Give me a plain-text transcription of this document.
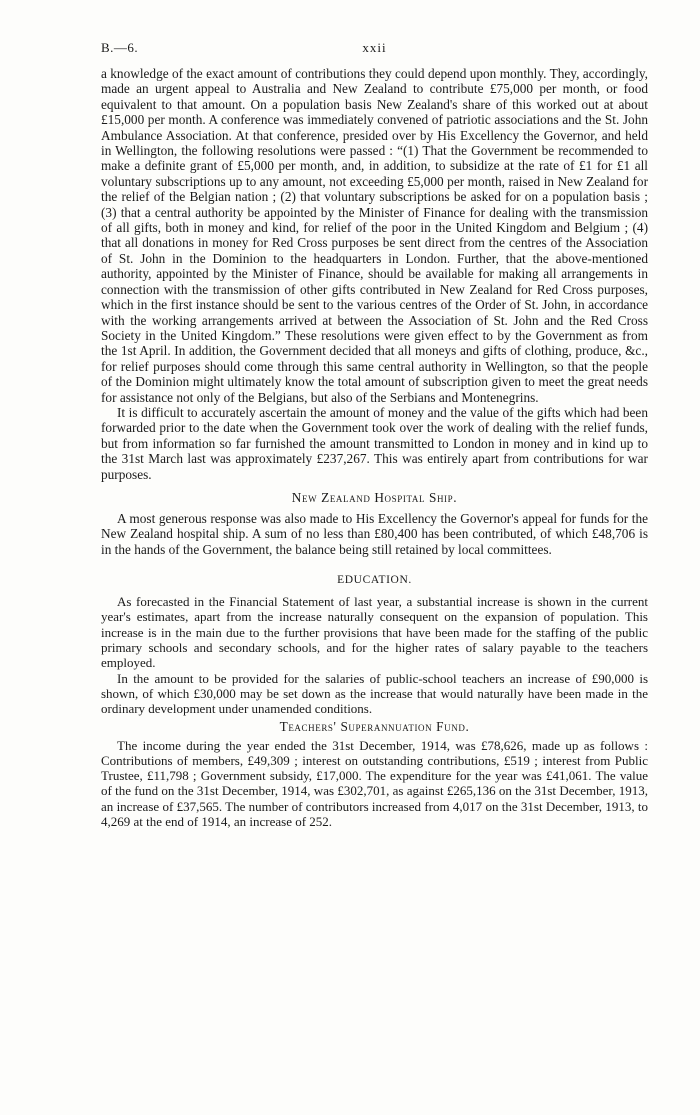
B.—6.	xxii

a knowledge of the exact amount of contributions they could depend upon monthly. They, accordingly, made an urgent appeal to Australia and New Zealand to contribute £75,000 per month, or food equivalent to that amount. On a population basis New Zealand's share of this worked out at about £15,000 per month. A conference was immediately convened of patriotic associations and the St. John Ambulance Association. At that conference, presided over by His Excellency the Governor, and held in Wellington, the following resolutions were passed : “(1) That the Government be recommended to make a definite grant of £5,000 per month, and, in addition, to subsidize at the rate of £1 for £1 all voluntary subscriptions up to any amount, not exceeding £5,000 per month, raised in New Zealand for the relief of the Belgian nation ; (2) that voluntary subscriptions be asked for on a population basis ; (3) that a central authority be appointed by the Minister of Finance for dealing with the transmission of all gifts, both in money and kind, for relief of the poor in the United Kingdom and Belgium ; (4) that all donations in money for Red Cross purposes be sent direct from the centres of the Association of St. John in the Dominion to the headquarters in London. Further, that the above-mentioned authority, appointed by the Minister of Finance, should be available for making all arrangements in connection with the transmission of other gifts contributed in New Zealand for Red Cross purposes, which in the first instance should be sent to the various centres of the Order of St. John, in accordance with the working arrangements arrived at between the Association of St. John and the Red Cross Society in the United Kingdom.” These resolutions were given effect to by the Government as from the 1st April. In addition, the Government decided that all moneys and gifts of clothing, produce, &c., for relief purposes should come through this same central authority in Wellington, so that the people of the Dominion might ultimately know the total amount of subscription given to meet the great needs for assistance not only of the Belgians, but also of the Serbians and Montenegrins.

It is difficult to accurately ascertain the amount of money and the value of the gifts which had been forwarded prior to the date when the Government took over the work of dealing with the relief funds, but from information so far furnished the amount transmitted to London in money and in kind up to the 31st March last was approximately £237,267. This was entirely apart from contributions for war purposes.

New Zealand Hospital Ship.

A most generous response was also made to His Excellency the Governor's appeal for funds for the New Zealand hospital ship. A sum of no less than £80,400 has been contributed, of which £48,706 is in the hands of the Government, the balance being still retained by local committees.

EDUCATION.

As forecasted in the Financial Statement of last year, a substantial increase is shown in the current year's estimates, apart from the increase naturally consequent on the expansion of population. This increase is in the main due to the further provisions that have been made for the staffing of the public primary schools and secondary schools, and for the higher rates of salary payable to the teachers employed.

In the amount to be provided for the salaries of public-school teachers an increase of £90,000 is shown, of which £30,000 may be set down as the increase that would naturally have been made in the ordinary development under unamended conditions.

Teachers' Superannuation Fund.

The income during the year ended the 31st December, 1914, was £78,626, made up as follows : Contributions of members, £49,309 ; interest on outstanding contributions, £519 ; interest from Public Trustee, £11,798 ; Government subsidy, £17,000. The expenditure for the year was £41,061. The value of the fund on the 31st December, 1914, was £302,701, as against £265,136 on the 31st December, 1913, an increase of £37,565. The number of contributors increased from 4,017 on the 31st December, 1913, to 4,269 at the end of 1914, an increase of 252.
